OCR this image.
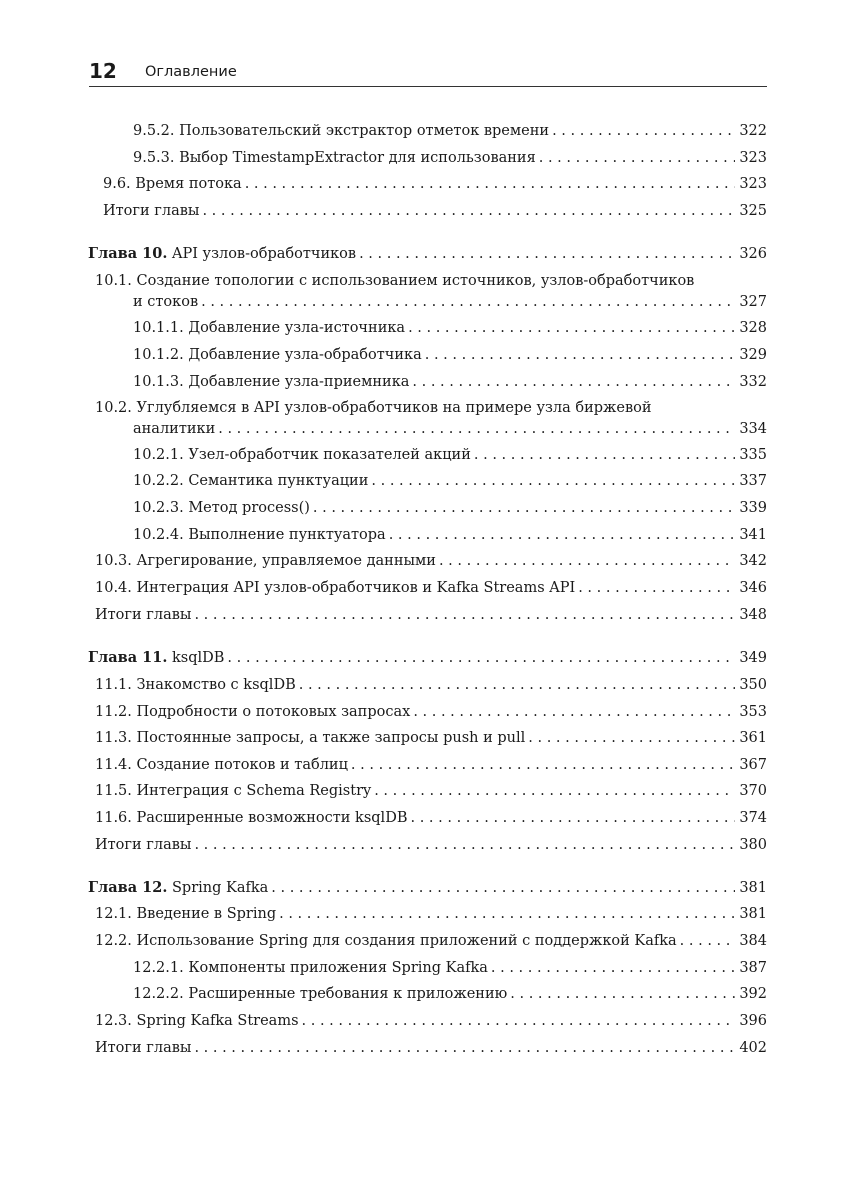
12 Оглавление
9.5.2. Пользовательский экстрактор отметок времени . . .	322
9.5.3. Выбор TimestampExtractor для использования . . .	323
9.6. Время потока . . .	323
Итоги главы . . .	325
Глава 10. API узлов-обработчиков . . .	326
10.1. Создание топологии с использованием источников, узлов-обработчиков
и стоков . . .	327
10.1.1. Добавление узла-источника . . .	328
10.1.2. Добавление узла-обработчика . . .	329
10.1.3. Добавление узла-приемника . . .	332
10.2. Углубляемся в API узлов-обработчиков на примере узла биржевой
аналитики . . .	334
10.2.1. Узел-обработчик показателей акций . . .	335
10.2.2. Семантика пунктуации . . .	337
10.2.3. Метод process() . . .	339
10.2.4. Выполнение пунктуатора . . .	341
10.3. Агрегирование, управляемое данными . . .	342
10.4. Интеграция API узлов-обработчиков и Kafka Streams API . . .	346
Итоги главы . . .	348
Глава 11. ksqlDB . . .	349
11.1. Знакомство с ksqlDB . . .	350
11.2. Подробности о потоковых запросах . . .	353
11.3. Постоянные запросы, а также запросы push и pull . . .	361
11.4. Создание потоков и таблиц . . .	367
11.5. Интеграция с Schema Registry . . .	370
11.6. Расширенные возможности ksqlDB . . .	374
Итоги главы . . .	380
Глава 12. Spring Kafka . . .	381
12.1. Введение в Spring . . .	381
12.2. Использование Spring для создания приложений с поддержкой Kafka . . .	384
12.2.1. Компоненты приложения Spring Kafka . . .	387
12.2.2. Расширенные требования к приложению . . .	392
12.3. Spring Kafka Streams . . .	396
Итоги главы . . .	402
